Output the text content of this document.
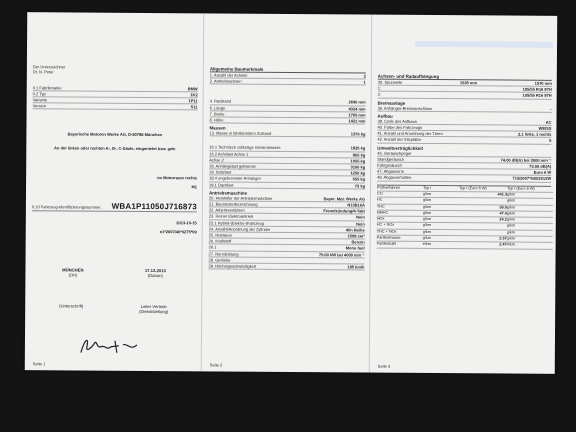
Der Unterzeichner
Dr. N. Peter
0.1 Fabrikmarke	BMW
0.2 Typ	1K2
Variante	1P11
Version	S11
Bayerische Motoren Werke AG, D-80788 München
An der linken oder rechten A-, B-, C-Säule, eingenietet bzw. gelc
im Motorraum rechts
M1
0.10 Fahrzeug-Identifizierungsnummer: WBA1P11050J716873
2013-10-15
e1*2007/46*0275*09
MÜNCHEN
(Ort)
17.12.2013
(Datum)
(Unterschrift)	Leiter Vertrieb
(Dienststellung)
Seite 1
Allgemeine Baumerkmale
1. Anzahl der Achsen	2
2. Antriebsachsen	1
4. Radstand	2690 mm
6. Länge	4324 mm
7. Breite	1765 mm
8. Höhe	1421 mm
Massen
13. Masse in fahrbereitem Zustand	1370 kg
16.1 Technisch zulässige Gesamtmasse	1825 kg
16.2 Achslast Achse 1	865 kg
Achse 2	1055 kg
18. Anhängelast gebremst	3100 kg
19. Stützlast	1250 kg
18.4 ungebremster Anhänger	655 kg
19.1 Dachlast	75 kg
Antriebsmaschine
20. Hersteller der Antriebsmaschine	Bayer. Mot. Werke AG
21. Baumusterbezeichnung	N13B16A
22. Arbeitsverfahren	Fremdzündung/4-Takt
23. Reiner Elektroantrieb	Nein
23.1 Hybrid-(Elektro-)Fahrzeug	Nein
24. Anzahl/Anordnung der Zylinder	4/in Reihe
25. Hubraum	1598 cm³
26. Kraftstoff	Benzin
26.1	Mono fuel
27. Nennleistung	75.00 kW bei 4000 min⁻¹
28. Getriebe
29. Höchstgeschwindigkeit	185 km/h
Seite 2
Achsen- und Radaufhängung
30. Spurweite	1535 mm	1570 mm
1:	195/55 R16 87H
2:	195/55 R16 87H
Bremsanlage
36. Anhänger-Bremsanschluss	-
Aufbau
38. Code des Aufbaus	AC
40. Farbe des Fahrzeugs	WEISS
41. Anzahl und Anordnung der Türen	2,1 links, 1 rechts
42. Anzahl der Sitzplätze	5
Umweltverträglichkeit
46. Geräuschpegel
Standgeräusch	74.00 dB(A) bei 3000 min⁻¹
Fahrgeräusch	73.00 dB(A)
47. Abgasnorm	Euro 6 W
48. Abgasverhalten	715/2007*630/2012W
Prüfverfahren	Typ I	Typ I (Euro 6 W)	Typ I (Euro 6 W)
CO	g/km	441.3 g/km
HC	g/km	g/km
THC	g/km	55.9 g/km
NMHC	g/km	47.4 g/km
NOx	g/km	24.2 g/km
HC + NOx	g/km	g/km
THC + NOx	g/km	g/km
Partikelmasse	g/km	2.57 g/km
Partikelzahl	#/km	2.47 #/km
Seite 3
